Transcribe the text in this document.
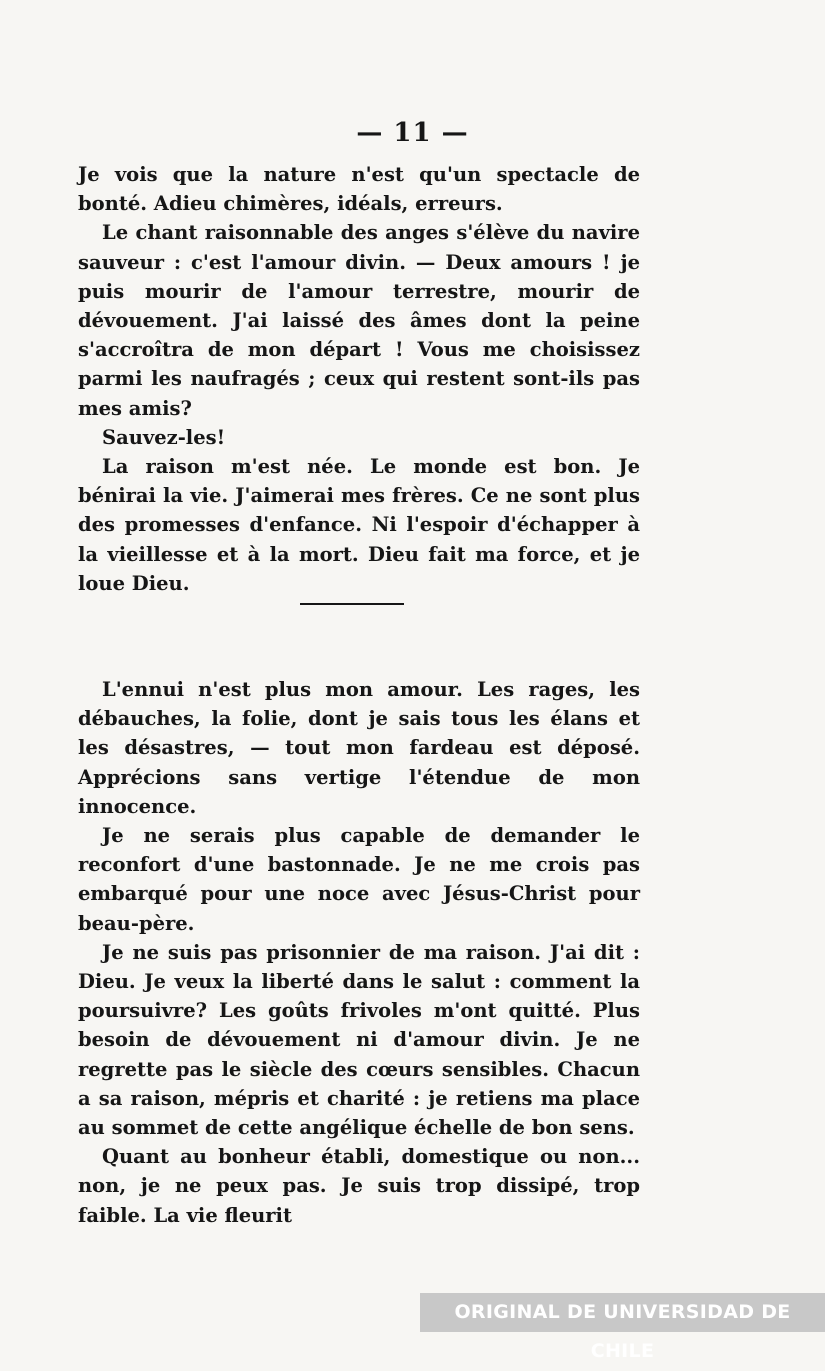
— 11 —

Je vois que la nature n'est qu'un spectacle de bonté. Adieu chimères, idéals, erreurs.

Le chant raisonnable des anges s'élève du navire sauveur : c'est l'amour divin. — Deux amours ! je puis mourir de l'amour terrestre, mourir de dévouement. J'ai laissé des âmes dont la peine s'accroîtra de mon départ ! Vous me choisissez parmi les naufragés ; ceux qui restent sont-ils pas mes amis?

Sauvez-les!

La raison m'est née. Le monde est bon. Je bénirai la vie. J'aimerai mes frères. Ce ne sont plus des promesses d'enfance. Ni l'espoir d'échapper à la vieillesse et à la mort. Dieu fait ma force, et je loue Dieu.

L'ennui n'est plus mon amour. Les rages, les débauches, la folie, dont je sais tous les élans et les désastres, — tout mon fardeau est déposé. Apprécions sans vertige l'étendue de mon innocence.

Je ne serais plus capable de demander le reconfort d'une bastonnade. Je ne me crois pas embarqué pour une noce avec Jésus-Christ pour beau-père.

Je ne suis pas prisonnier de ma raison. J'ai dit : Dieu. Je veux la liberté dans le salut : comment la poursuivre? Les goûts frivoles m'ont quitté. Plus besoin de dévouement ni d'amour divin. Je ne regrette pas le siècle des cœurs sensibles. Chacun a sa raison, mépris et charité : je retiens ma place au sommet de cette angélique échelle de bon sens.

Quant au bonheur établi, domestique ou non... non, je ne peux pas. Je suis trop dissipé, trop faible. La vie fleurit

ORIGINAL DE UNIVERSIDAD DE CHILE
